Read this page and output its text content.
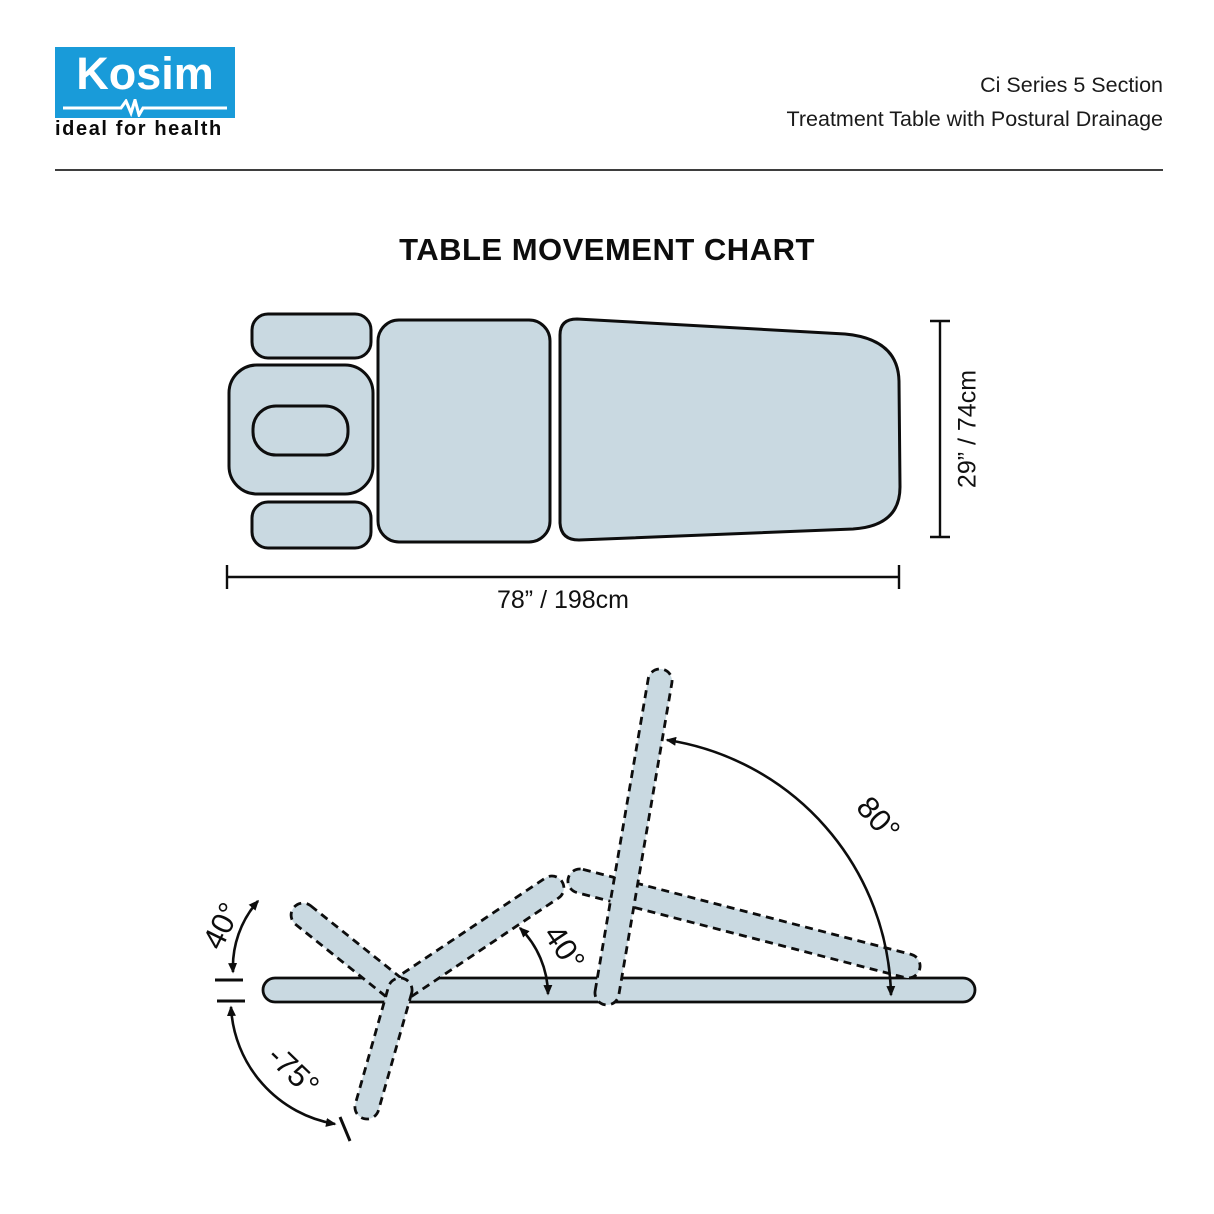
Kosim
ideal for health
Ci Series 5 Section
Treatment Table with Postural Drainage
TABLE MOVEMENT CHART
29” / 74cm
78” / 198cm
40°
-75°
40°
80°
